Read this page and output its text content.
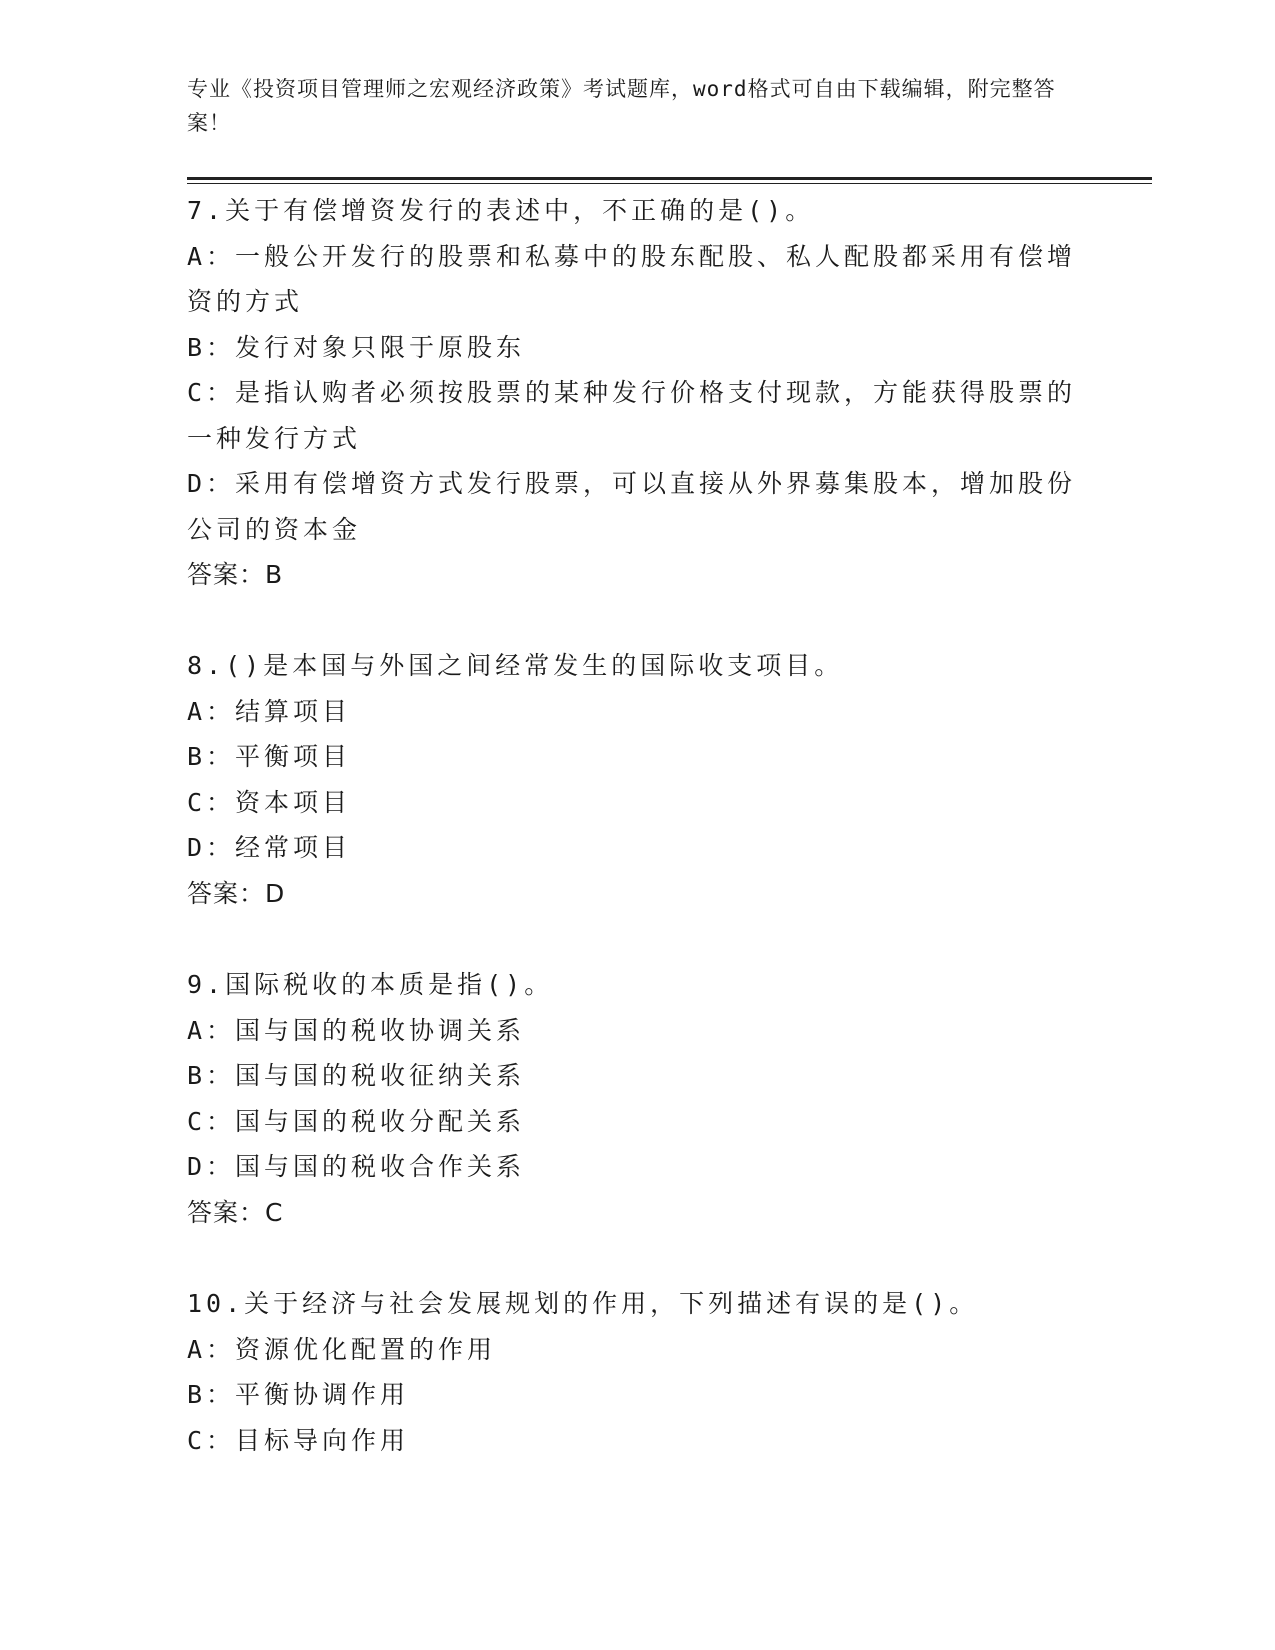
专业《投资项目管理师之宏观经济政策》考试题库，word格式可自由下载编辑，附完整答案！
7.关于有偿增资发行的表述中，不正确的是()。
A：一般公开发行的股票和私募中的股东配股、私人配股都采用有偿增资的方式
B：发行对象只限于原股东
C：是指认购者必须按股票的某种发行价格支付现款，方能获得股票的一种发行方式
D：采用有偿增资方式发行股票，可以直接从外界募集股本，增加股份公司的资本金
答案：B
8.()是本国与外国之间经常发生的国际收支项目。
A：结算项目
B：平衡项目
C：资本项目
D：经常项目
答案：D
9.国际税收的本质是指()。
A：国与国的税收协调关系
B：国与国的税收征纳关系
C：国与国的税收分配关系
D：国与国的税收合作关系
答案：C
10.关于经济与社会发展规划的作用，下列描述有误的是()。
A：资源优化配置的作用
B：平衡协调作用
C：目标导向作用
